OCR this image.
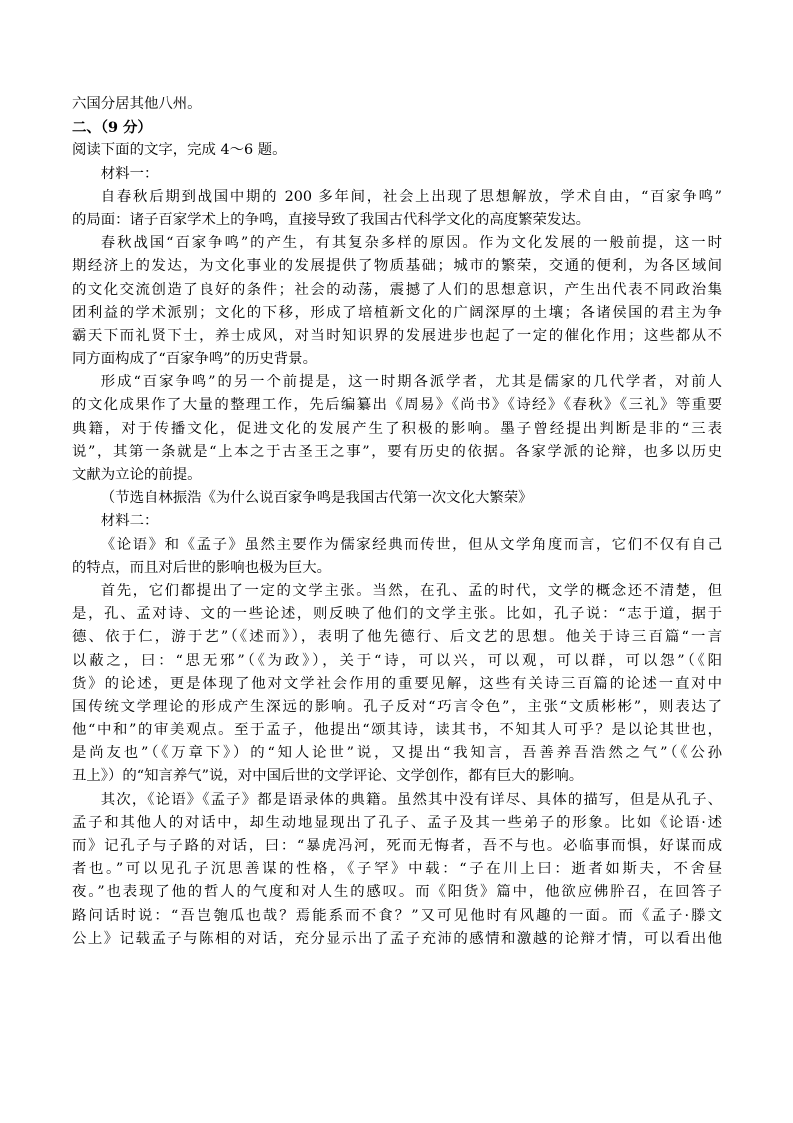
六国分居其他八州。
二、（9 分）
阅读下面的文字，完成 4～6 题。
材料一：
自春秋后期到战国中期的 200 多年间，社会上出现了思想解放，学术自由，“百家争鸣”
的局面：诸子百家学术上的争鸣，直接导致了我国古代科学文化的高度繁荣发达。
春秋战国“百家争鸣”的产生，有其复杂多样的原因。作为文化发展的一般前提，这一时
期经济上的发达，为文化事业的发展提供了物质基础；城市的繁荣，交通的便利，为各区域间
的文化交流创造了良好的条件；社会的动荡，震撼了人们的思想意识，产生出代表不同政治集
团利益的学术派别；文化的下移，形成了培植新文化的广阔深厚的土壤；各诸侯国的君主为争
霸天下而礼贤下士，养士成风，对当时知识界的发展进步也起了一定的催化作用；这些都从不
同方面构成了“百家争鸣”的历史背景。
形成“百家争鸣”的另一个前提是，这一时期各派学者，尤其是儒家的几代学者，对前人
的文化成果作了大量的整理工作，先后编纂出《周易》《尚书》《诗经》《春秋》《三礼》等重要
典籍，对于传播文化，促进文化的发展产生了积极的影响。墨子曾经提出判断是非的“三表
说”，其第一条就是“上本之于古圣王之事”，要有历史的依据。各家学派的论辩，也多以历史
文献为立论的前提。
（节选自林振浩《为什么说百家争鸣是我国古代第一次文化大繁荣》
材料二：
《论语》和《孟子》虽然主要作为儒家经典而传世，但从文学角度而言，它们不仅有自己
的特点，而且对后世的影响也极为巨大。
首先，它们都提出了一定的文学主张。当然，在孔、孟的时代，文学的概念还不清楚，但
是，孔、孟对诗、文的一些论述，则反映了他们的文学主张。比如，孔子说：“志于道，据于
德、依于仁，游于艺”（《述而》），表明了他先德行、后文艺的思想。他关于诗三百篇“一言
以蔽之，曰：“思无邪”（《为政》），关于“诗，可以兴，可以观，可以群，可以怨”（《阳
货》的论述，更是体现了他对文学社会作用的重要见解，这些有关诗三百篇的论述一直对中
国传统文学理论的形成产生深远的影响。孔子反对“巧言令色”，主张“文质彬彬”，则表达了
他“中和”的审美观点。至于孟子，他提出“颂其诗，读其书，不知其人可乎？是以论其世也，
是尚友也”（《万章下》）的“知人论世”说，又提出“我知言，吾善养吾浩然之气”（《公孙
丑上》）的“知言养气”说，对中国后世的文学评论、文学创作，都有巨大的影响。
其次，《论语》《孟子》都是语录体的典籍。虽然其中没有详尽、具体的描写，但是从孔子、
孟子和其他人的对话中，却生动地显现出了孔子、孟子及其一些弟子的形象。比如《论语·述
而》记孔子与子路的对话，曰：“暴虎冯河，死而无悔者，吾不与也。必临事而惧，好谋而成
者也。”可以见孔子沉思善谋的性格，《子罕》中载：“子在川上曰：逝者如斯夫，不舍昼
夜。”也表现了他的哲人的气度和对人生的感叹。而《阳货》篇中，他欲应佛肸召，在回答子
路问话时说：“吾岂匏瓜也哉？焉能系而不食？”又可见他时有风趣的一面。而《孟子·滕文
公上》记载孟子与陈相的对话，充分显示出了孟子充沛的感情和激越的论辩才情，可以看出他
